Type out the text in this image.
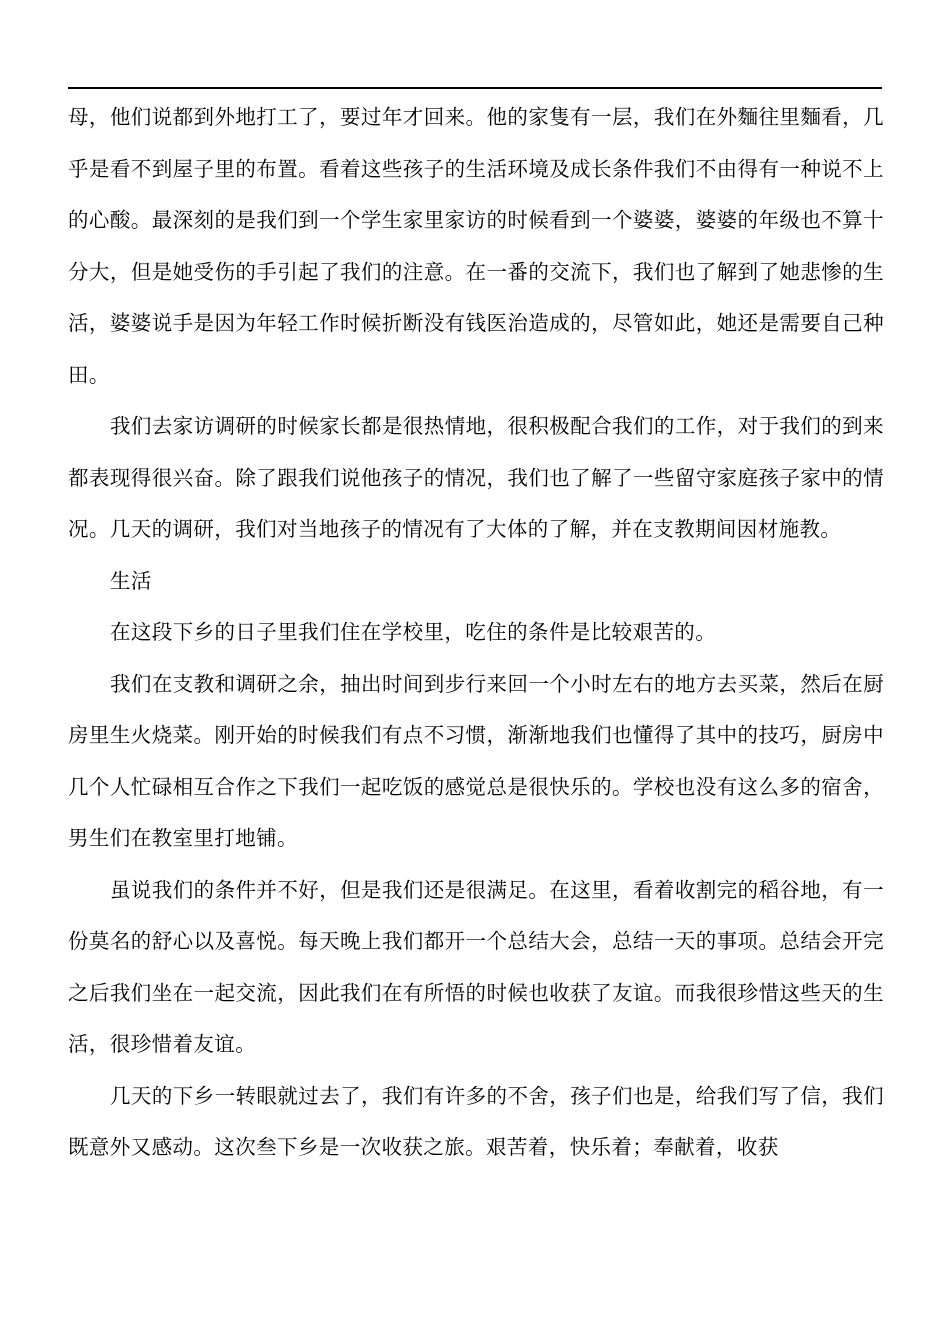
母，他们说都到外地打工了，要过年才回来。他的家隻有一层，我们在外麵往里麵看，几乎是看不到屋子里的布置。看着这些孩子的生活环境及成长条件我们不由得有一种说不上的心酸。最深刻的是我们到一个学生家里家访的时候看到一个婆婆，婆婆的年级也不算十分大，但是她受伤的手引起了我们的注意。在一番的交流下，我们也了解到了她悲惨的生活，婆婆说手是因为年轻工作时候折断没有钱医治造成的，尽管如此，她还是需要自己种田。

我们去家访调研的时候家长都是很热情地，很积极配合我们的工作，对于我们的到来都表现得很兴奋。除了跟我们说他孩子的情况，我们也了解了一些留守家庭孩子家中的情况。几天的调研，我们对当地孩子的情况有了大体的了解，并在支教期间因材施教。

生活

在这段下乡的日子里我们住在学校里，吃住的条件是比较艰苦的。

我们在支教和调研之余，抽出时间到步行来回一个小时左右的地方去买菜，然后在厨房里生火烧菜。刚开始的时候我们有点不习惯，渐渐地我们也懂得了其中的技巧，厨房中几个人忙碌相互合作之下我们一起吃饭的感觉总是很快乐的。学校也没有这么多的宿舍，男生们在教室里打地铺。

虽说我们的条件并不好，但是我们还是很满足。在这里，看着收割完的稻谷地，有一份莫名的舒心以及喜悦。每天晚上我们都开一个总结大会，总结一天的事项。总结会开完之后我们坐在一起交流，因此我们在有所悟的时候也收获了友谊。而我很珍惜这些天的生活，很珍惜着友谊。

几天的下乡一转眼就过去了，我们有许多的不舍，孩子们也是，给我们写了信，我们既意外又感动。这次叁下乡是一次收获之旅。艰苦着，快乐着；奉献着，收获
